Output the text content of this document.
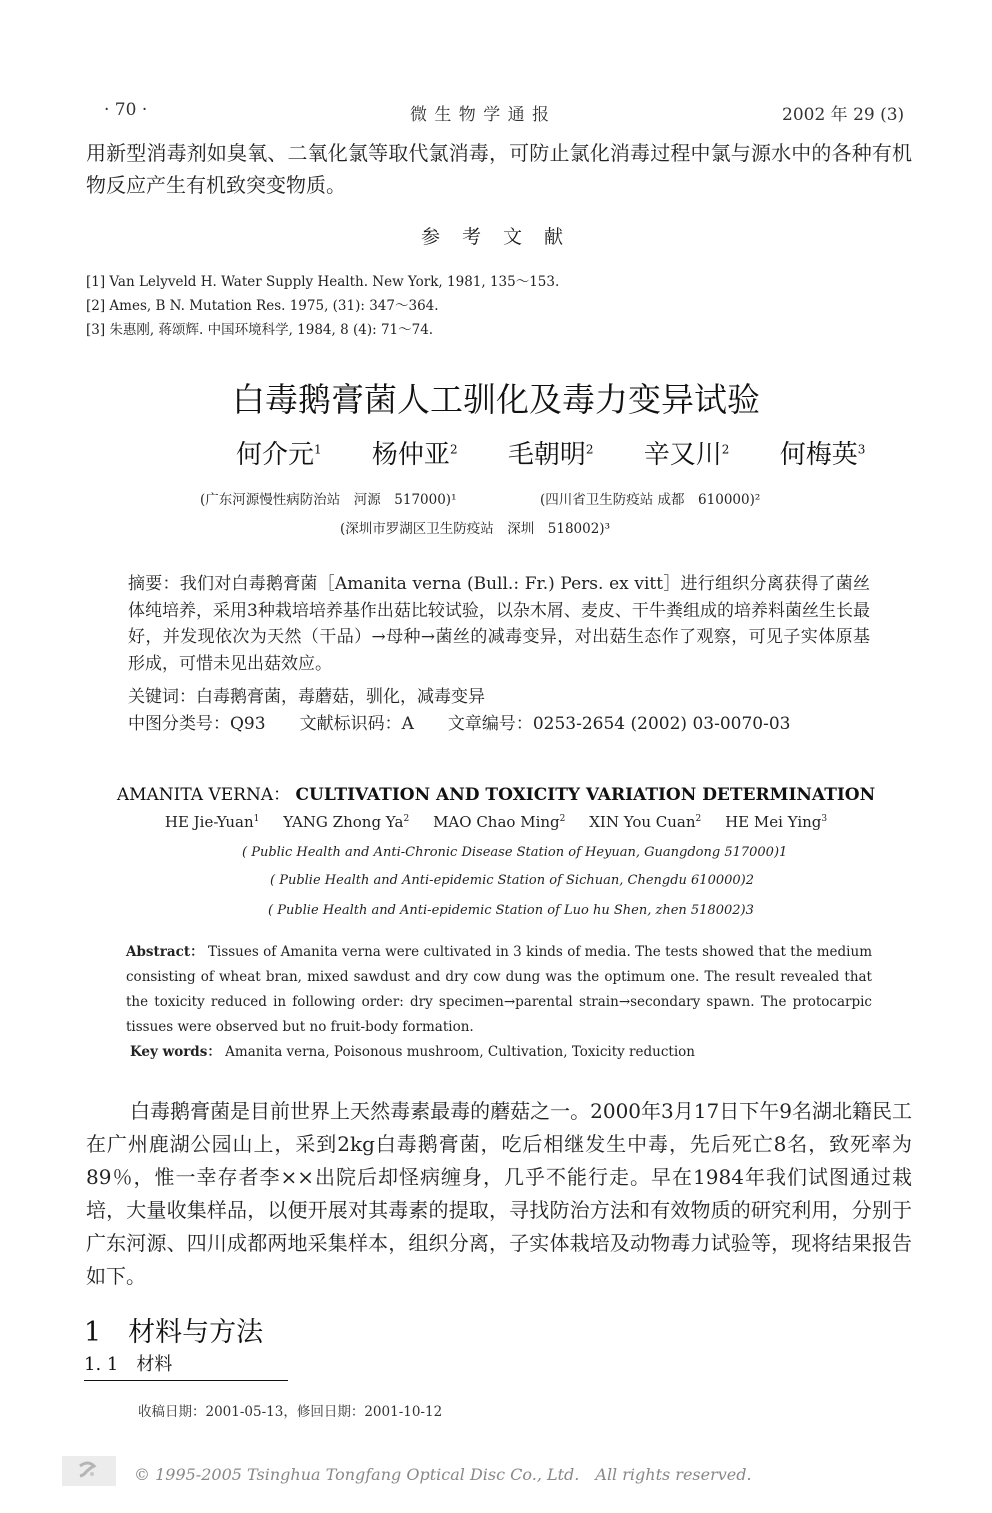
· 70 ·	微 生 物 学 通 报	2002 年 29 (3)
用新型消毒剂如臭氧、二氧化氯等取代氯消毒，可防止氯化消毒过程中氯与源水中的各种有机物反应产生有机致突变物质。
参 考 文 献
[1] Van Lelyveld H. Water Supply Health. New York, 1981, 135～153.
[2] Ames, B N. Mutation Res. 1975, (31): 347～364.
[3] 朱惠刚, 蒋颂辉. 中国环境科学, 1984, 8 (4): 71～74.
白毒鹅膏菌人工驯化及毒力变异试验
何介元$^1$ 杨仲亚$^2$ 毛朝明$^2$ 辛又川$^2$ 何梅英$^3$
(广东河源慢性病防治站　河源　517000)¹	(四川省卫生防疫站 成都　610000)²
(深圳市罗湖区卫生防疫站　深圳　518002)³
摘要：我们对白毒鹅膏菌［Amanita verna (Bull.: Fr.) Pers. ex vitt］进行组织分离获得了菌丝体纯培养，采用3种栽培培养基作出菇比较试验，以杂木屑、麦皮、干牛粪组成的培养料菌丝生长最好，并发现依次为天然（干品）→母种→菌丝的减毒变异，对出菇生态作了观察，可见子实体原基形成，可惜未见出菇效应。
关键词：白毒鹅膏菌，毒蘑菇，驯化，减毒变异
中图分类号：Q93　　文献标识码：A　　文章编号：0253-2654 (2002) 03-0070-03
AMANITA VERNA： CULTIVATION AND TOXICITY VARIATION DETERMINATION
HE Jie-Yuan$^1$ YANG Zhong Ya$^2$ MAO Chao Ming$^2$ XIN You Cuan$^2$ HE Mei Ying$^3$
( Public Health and Anti-Chronic Disease Station of Heyuan, Guangdong 517000)1
( Publie Health and Anti-epidemic Station of Sichuan, Chengdu 610000)2
( Publie Health and Anti-epidemic Station of Luo hu Shen, zhen 518002)3
Abstract： Tissues of Amanita verna were cultivated in 3 kinds of media. The tests showed that the medium consisting of wheat bran, mixed sawdust and dry cow dung was the optimum one. The result revealed that the toxicity reduced in following order: dry specimen→parental strain→secondary spawn. The protocarpic tissues were observed but no fruit-body formation.
Key words： Amanita verna, Poisonous mushroom, Cultivation, Toxicity reduction
白毒鹅膏菌是目前世界上天然毒素最毒的蘑菇之一。2000年3月17日下午9名湖北籍民工在广州鹿湖公园山上，采到2kg白毒鹅膏菌，吃后相继发生中毒，先后死亡8名，致死率为89％，惟一幸存者李××出院后却怪病缠身，几乎不能行走。早在1984年我们试图通过栽培，大量收集样品，以便开展对其毒素的提取，寻找防治方法和有效物质的研究利用，分别于广东河源、四川成都两地采集样本，组织分离，子实体栽培及动物毒力试验等，现将结果报告如下。
1　材料与方法
1. 1　材料
收稿日期：2001-05-13，修回日期：2001-10-12
© 1995-2005 Tsinghua Tongfang Optical Disc Co., Ltd.　All rights reserved.
